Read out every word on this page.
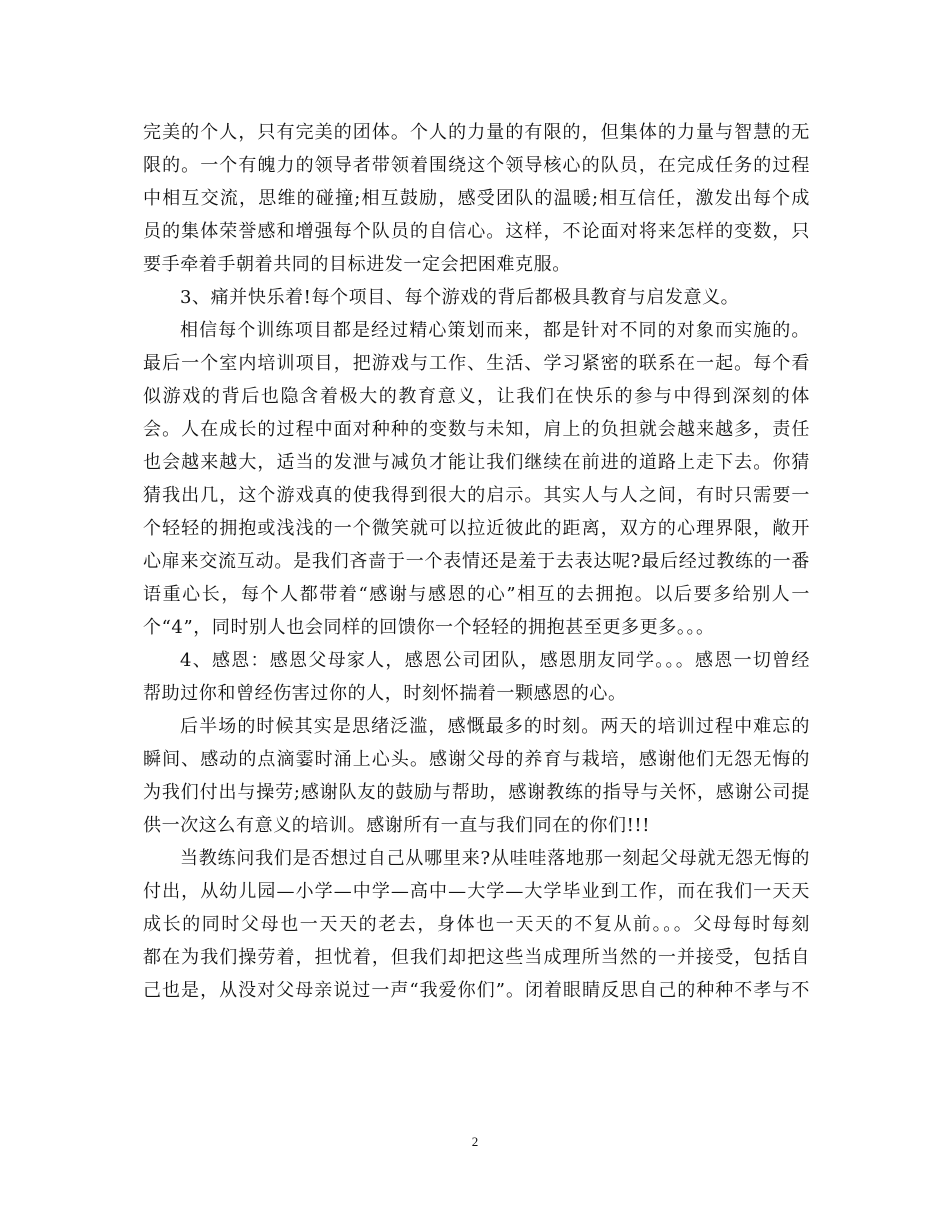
完美的个人，只有完美的团体。个人的力量的有限的，但集体的力量与智慧的无
限的。一个有魄力的领导者带领着围绕这个领导核心的队员，在完成任务的过程
中相互交流，思维的碰撞;相互鼓励，感受团队的温暖;相互信任，激发出每个成
员的集体荣誉感和增强每个队员的自信心。这样，不论面对将来怎样的变数，只
要手牵着手朝着共同的目标进发一定会把困难克服。
3、痛并快乐着!每个项目、每个游戏的背后都极具教育与启发意义。
相信每个训练项目都是经过精心策划而来，都是针对不同的对象而实施的。
最后一个室内培训项目，把游戏与工作、生活、学习紧密的联系在一起。每个看
似游戏的背后也隐含着极大的教育意义，让我们在快乐的参与中得到深刻的体
会。人在成长的过程中面对种种的变数与未知，肩上的负担就会越来越多，责任
也会越来越大，适当的发泄与减负才能让我们继续在前进的道路上走下去。你猜
猜我出几，这个游戏真的使我得到很大的启示。其实人与人之间，有时只需要一
个轻轻的拥抱或浅浅的一个微笑就可以拉近彼此的距离，双方的心理界限，敞开
心扉来交流互动。是我们吝啬于一个表情还是羞于去表达呢?最后经过教练的一番
语重心长，每个人都带着“感谢与感恩的心”相互的去拥抱。以后要多给别人一
个“4”，同时别人也会同样的回馈你一个轻轻的拥抱甚至更多更多。。。
4、感恩：感恩父母家人，感恩公司团队，感恩朋友同学。。。感恩一切曾经
帮助过你和曾经伤害过你的人，时刻怀揣着一颗感恩的心。
后半场的时候其实是思绪泛滥，感慨最多的时刻。两天的培训过程中难忘的
瞬间、感动的点滴霎时涌上心头。感谢父母的养育与栽培，感谢他们无怨无悔的
为我们付出与操劳;感谢队友的鼓励与帮助，感谢教练的指导与关怀，感谢公司提
供一次这么有意义的培训。感谢所有一直与我们同在的你们!!!
当教练问我们是否想过自己从哪里来?从哇哇落地那一刻起父母就无怨无悔的
付出，从幼儿园—小学—中学—高中—大学—大学毕业到工作，而在我们一天天
成长的同时父母也一天天的老去，身体也一天天的不复从前。。。父母每时每刻
都在为我们操劳着，担忧着，但我们却把这些当成理所当然的一并接受，包括自
己也是，从没对父母亲说过一声“我爱你们”。闭着眼睛反思自己的种种不孝与不
2
